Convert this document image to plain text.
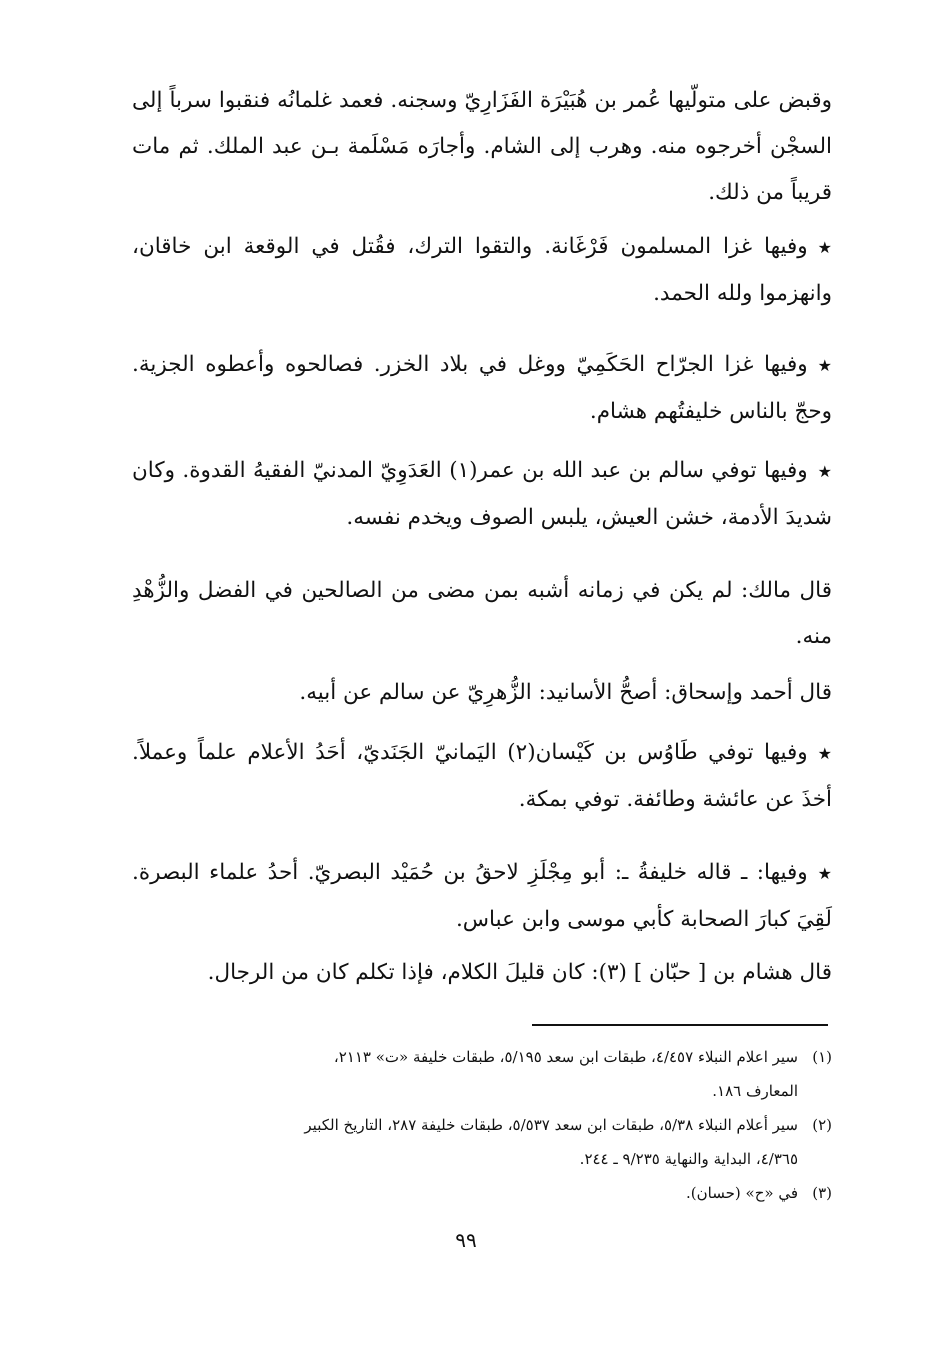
وقبض على متولّيها عُمر بن هُبَيْرَة الفَزَارِيّ وسجنه. فعمد غلمانُه فنقبوا سرباً إلى السجْن أخرجوه منه. وهرب إلى الشام. وأجارَه مَسْلَمة بـن عبد الملك. ثم مات قريباً من ذلك.
★وفيها غزا المسلمون فَرْغَانة. والتقوا الترك، فقُتل في الوقعة ابن خاقان، وانهزموا ولله الحمد.
★وفيها غزا الجرّاح الحَكَمِيّ ووغل في بلاد الخزر. فصالحوه وأعطوه الجزية. وحجّ بالناس خليفتُهم هشام.
★وفيها توفي سالم بن عبد الله بن عمر(١) العَدَوِيّ المدنيّ الفقيهُ القدوة. وكان شديدَ الأدمة، خشن العيش، يلبس الصوف ويخدم نفسه.
قال مالك: لم يكن في زمانه أشبه بمن مضى من الصالحين في الفضل والزُّهْدِ منه.
قال أحمد وإسحاق: أصحُّ الأسانيد: الزُّهرِيّ عن سالم عن أبيه.
★وفيها توفي طَاوُس بن كَيْسان(٢) اليَمانيّ الجَنَديّ، أحَدُ الأعلام علماً وعملاً. أخذَ عن عائشة وطائفة. توفي بمكة.
★وفيها: ـ قاله خليفةُ ـ: أبو مِجْلَزِ لاحقُ بن حُمَيْد البصريّ. أحدُ علماء البصرة. لَقِيَ كبارَ الصحابة كأبي موسى وابن عباس.
قال هشام بن [ حبّان ] (٣): كان قليلَ الكلام، فإذا تكلم كان من الرجال.
(١)سير اعلام النبلاء ٤/٤٥٧، طبقات ابن سعد ٥/١٩٥، طبقات خليفة «ت» ٢١١٣،
المعارف ١٨٦.
(٢)سير أعلام النبلاء ٥/٣٨، طبقات ابن سعد ٥/٥٣٧، طبقات خليفة ٢٨٧، التاريخ الكبير
٤/٣٦٥، البداية والنهاية ٩/٢٣٥ ـ ٢٤٤.
(٣)في «ح» (حسان).
٩٩
